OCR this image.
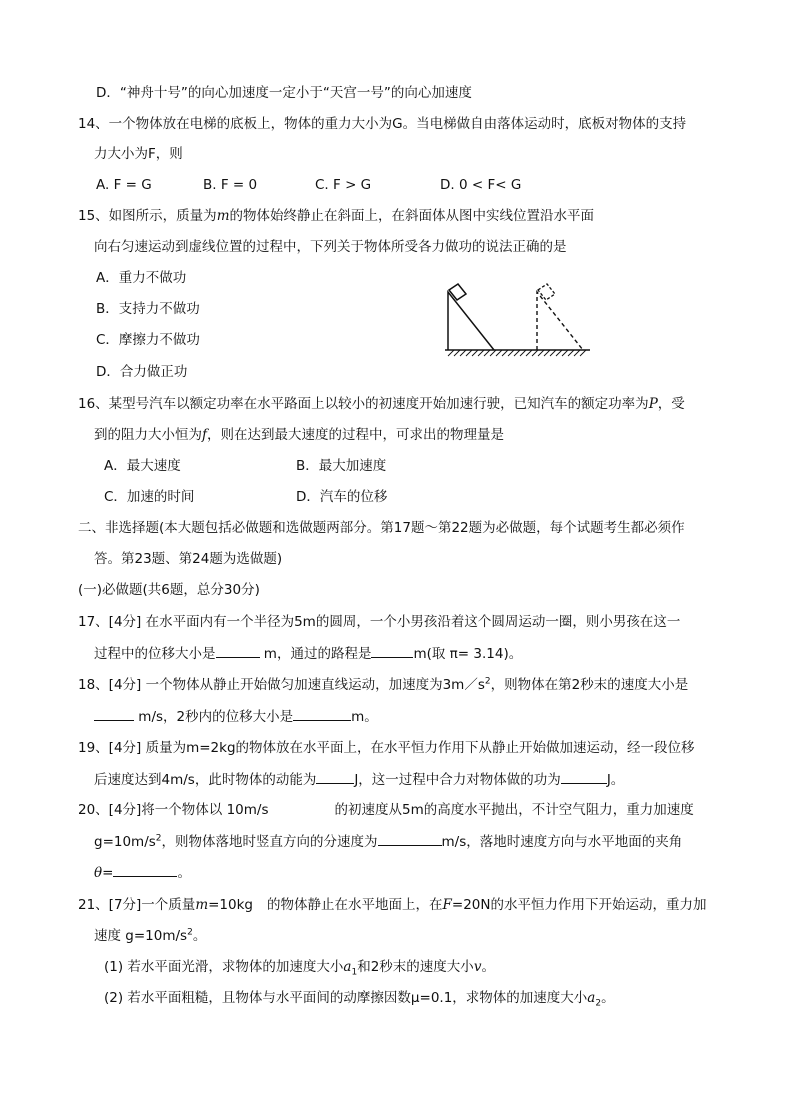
D．“神舟十号”的向心加速度一定小于“天宫一号”的向心加速度
14、一个物体放在电梯的底板上，物体的重力大小为G。当电梯做自由落体运动时，底板对物体的支持
力大小为F，则
A. F = G	B. F = 0	C. F > G	D. 0 < F< G
15、如图所示，质量为m的物体始终静止在斜面上，在斜面体从图中实线位置沿水平面
向右匀速运动到虚线位置的过程中，下列关于物体所受各力做功的说法正确的是
A．重力不做功
B．支持力不做功
C．摩擦力不做功
D．合力做正功
16、某型号汽车以额定功率在水平路面上以较小的初速度开始加速行驶，已知汽车的额定功率为P，受
到的阻力大小恒为f，则在达到最大速度的过程中，可求出的物理量是
A．最大速度	B．最大加速度
C．加速的时间	D．汽车的位移
二、非选择题(本大题包括必做题和选做题两部分。第17题～第22题为必做题，每个试题考生都必须作
答。第23题、第24题为选做题)
(一)必做题(共6题，总分30分)
17、[4分] 在水平面内有一个半径为5m的圆周，一个小男孩沿着这个圆周运动一圈，则小男孩在这一
过程中的位移大小是	m，通过的路程是	m(取 π= 3.14)。
18、[4分] 一个物体从静止开始做匀加速直线运动，加速度为$3m/s^2$，则物体在第2秒末的速度大小是
m/s，2秒内的位移大小是	m。
19、[4分] 质量为m=2kg的物体放在水平面上，在水平恒力作用下从静止开始做加速运动，经一段位移
后速度达到4m/s，此时物体的动能为	J，这一过程中合力对物体做的功为	J。
20、[4分]将一个物体以 10m/s	的初速度从5m的高度水平抛出，不计空气阻力，重力加速度
$g=10m/s^2$，则物体落地时竖直方向的分速度为	m/s，落地时速度方向与水平地面的夹角
θ=	。
21、[7分]一个质量m=10kg 的物体静止在水平地面上，在F=20N的水平恒力作用下开始运动，重力加
速度 $g=10m/s^2$。
(1) 若水平面光滑，求物体的加速度大小$a_1$和2秒末的速度大小v。
(2) 若水平面粗糙，且物体与水平面间的动摩擦因数μ=0.1，求物体的加速度大小$a_2$。
